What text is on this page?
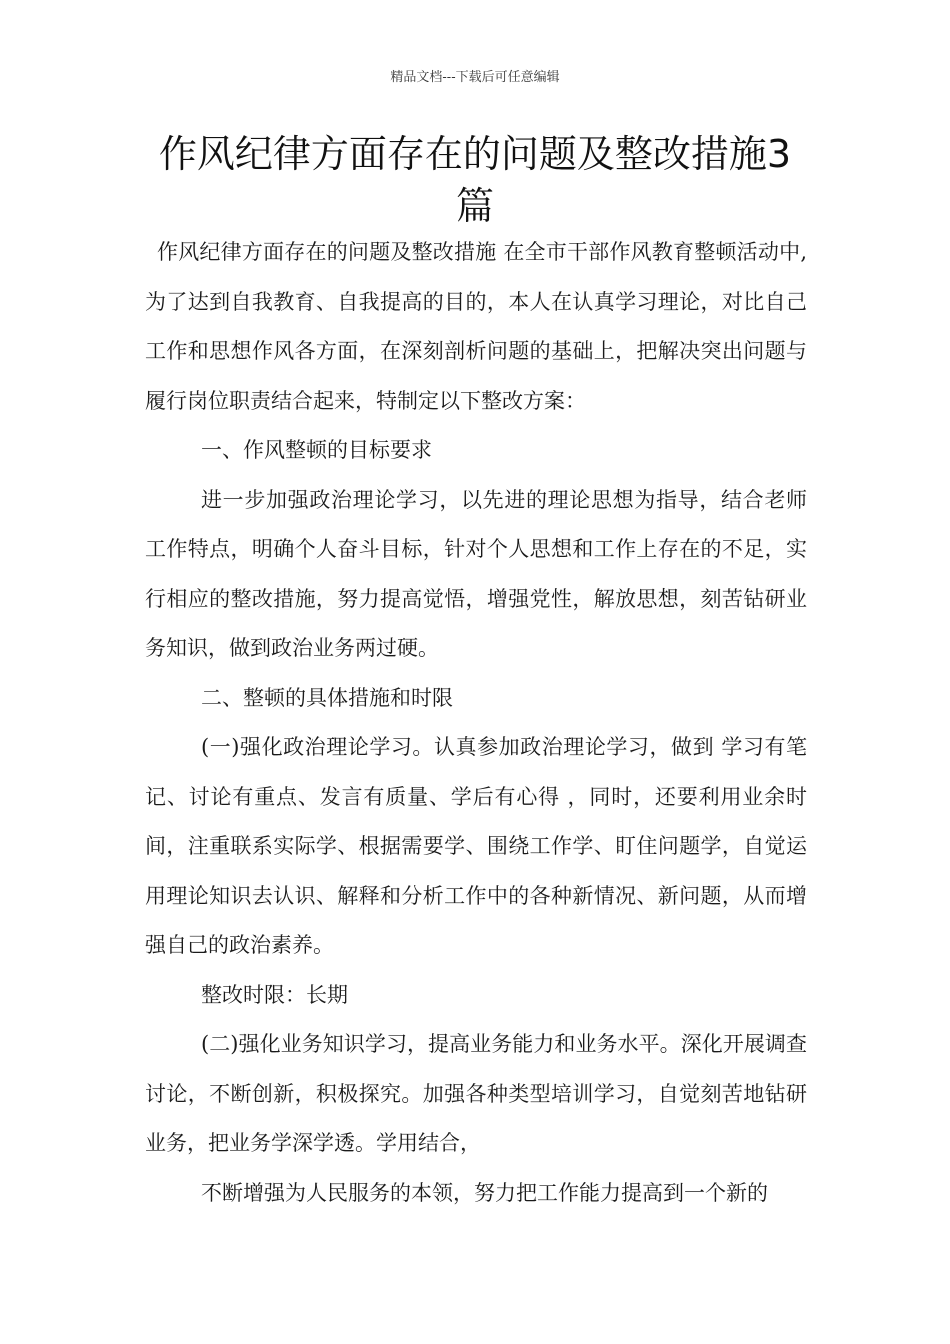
精品文档---下载后可任意编辑
作风纪律方面存在的问题及整改措施3篇

作风纪律方面存在的问题及整改措施 在全市干部作风教育整顿活动中,为了达到自我教育、自我提高的目的，本人在认真学习理论，对比自己工作和思想作风各方面，在深刻剖析问题的基础上，把解决突出问题与履行岗位职责结合起来，特制定以下整改方案：

一、作风整顿的目标要求

进一步加强政治理论学习，以先进的理论思想为指导，结合老师工作特点，明确个人奋斗目标，针对个人思想和工作上存在的不足，实行相应的整改措施，努力提高觉悟，增强党性，解放思想，刻苦钻研业务知识，做到政治业务两过硬。

二、整顿的具体措施和时限

(一)强化政治理论学习。认真参加政治理论学习，做到 学习有笔记、讨论有重点、发言有质量、学后有心得 ，同时，还要利用业余时间，注重联系实际学、根据需要学、围绕工作学、盯住问题学，自觉运用理论知识去认识、解释和分析工作中的各种新情况、新问题，从而增强自己的政治素养。

整改时限：长期

(二)强化业务知识学习，提高业务能力和业务水平。深化开展调查讨论，不断创新，积极探究。加强各种类型培训学习，自觉刻苦地钻研业务，把业务学深学透。学用结合，

不断增强为人民服务的本领，努力把工作能力提高到一个新的
